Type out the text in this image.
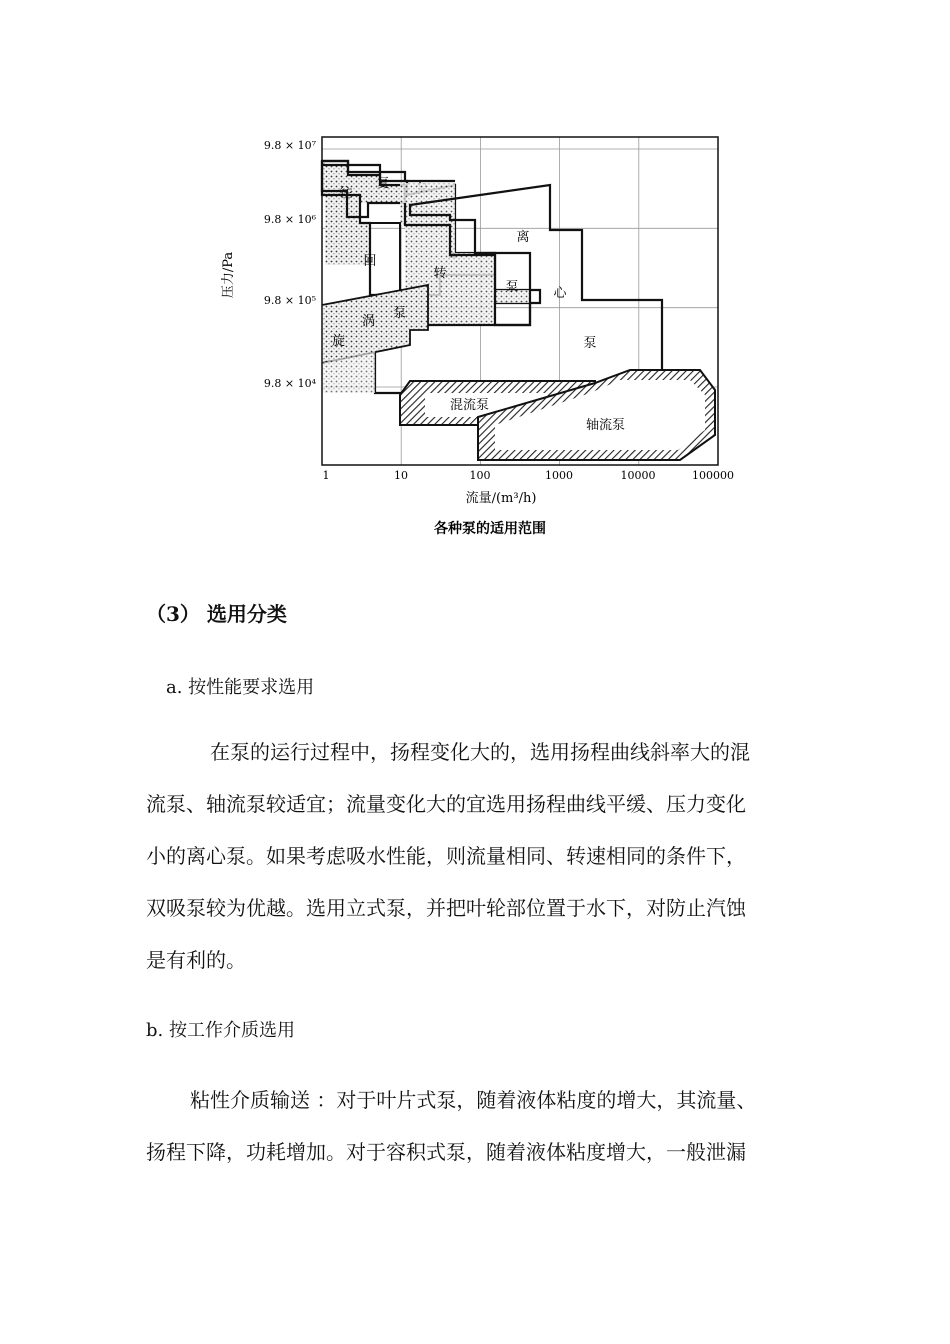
往
复
回
转
泵
离
心
泵
旋
涡
泵
混流泵
轴流泵
9.8 × 10⁴
9.8 × 10⁵
9.8 × 10⁶
9.8 × 10⁷
1	10	100	1000	10000	100000
流量/(m³/h)
压力/Pa
各种泵的适用范围
（3） 选用分类
a. 按性能要求选用
在泵的运行过程中，扬程变化大的，选用扬程曲线斜率大的混
流泵、轴流泵较适宜；流量变化大的宜选用扬程曲线平缓、压力变化
小的离心泵。如果考虑吸水性能，则流量相同、转速相同的条件下，
双吸泵较为优越。选用立式泵，并把叶轮部位置于水下，对防止汽蚀
是有利的。
b. 按工作介质选用
粘性介质输送 ：对于叶片式泵，随着液体粘度的增大，其流量、
扬程下降，功耗增加。对于容积式泵，随着液体粘度增大，一般泄漏
